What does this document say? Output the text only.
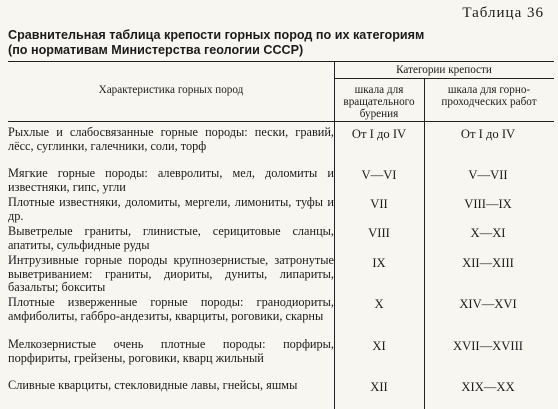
Таблица 36
Сравнительная таблица крепости горных пород по их категориям
(по нормативам Министерства геологии СССР)
Характеристика горных пород
Категории крепости
шкала для вращательного бурения
шкала для горно-проходческих работ
Рыхлые и слабосвязанные горные породы: пески, гравий, лёсс, суглинки, галечники, соли, торф
От I до IV	От I до IV
Мягкие горные породы: алевролиты, мел, доломиты и известняки, гипс, угли
V—VI	V—VII
Плотные известняки, доломиты, мергели, лимониты, туфы и др.
VII	VIII—IX
Выветрелые граниты, глинистые, серицитовые сланцы, апатиты, сульфидные руды
VIII	X—XI
Интрузивные горные породы крупнозернистые, затронутые выветриванием: граниты, диориты, дуниты, липариты, базальты; бокситы
IX	XII—XIII
Плотные изверженные горные породы: гранодиориты, амфиболиты, габбро-андезиты, кварциты, роговики, скарны
X	XIV—XVI
Мелкозернистые очень плотные породы: порфиры, порфириты, грейзены, роговики, кварц жильный
XI	XVII—XVIII
Сливные кварциты, стекловидные лавы, гнейсы, яшмы	XII	XIX—XX
